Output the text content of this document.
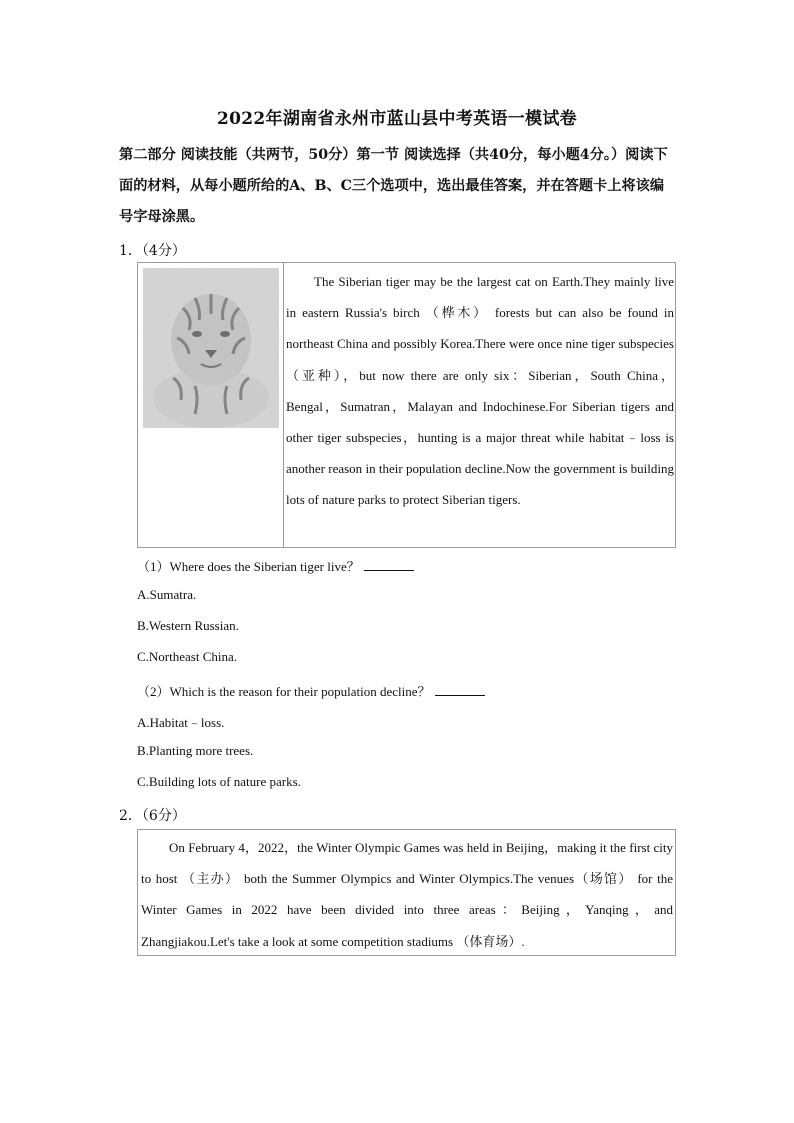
2022年湖南省永州市蓝山县中考英语一模试卷
第二部分 阅读技能（共两节，50分）第一节 阅读选择（共40分，每小题4分。）阅读下面的材料，从每小题所给的A、B、C三个选项中，选出最佳答案，并在答题卡上将该编号字母涂黑。
1．（4分）
The Siberian tiger may be the largest cat on Earth.They mainly live in eastern Russia's birch （桦木） forests but can also be found in northeast China and possibly Korea.There were once nine tiger subspecies （亚种），but now there are only six：Siberian，South China，Bengal，Sumatran，Malayan and Indochinese.For Siberian tigers and other tiger subspecies，hunting is a major threat while habitat﹣loss is another reason in their population decline.Now the government is building lots of nature parks to protect Siberian tigers.
（1）Where does the Siberian tiger live？
A.Sumatra.
B.Western Russian.
C.Northeast China.
（2）Which is the reason for their population decline？
A.Habitat﹣loss.
B.Planting more trees.
C.Building lots of nature parks.
2．（6分）
On February 4，2022，the Winter Olympic Games was held in Beijing，making it the first city to host （主办） both the Summer Olympics and Winter Olympics.The venues（场馆） for the Winter Games in 2022 have been divided into three areas：Beijing，Yanqing，and Zhangjiakou.Let's take a look at some competition stadiums （体育场）.
